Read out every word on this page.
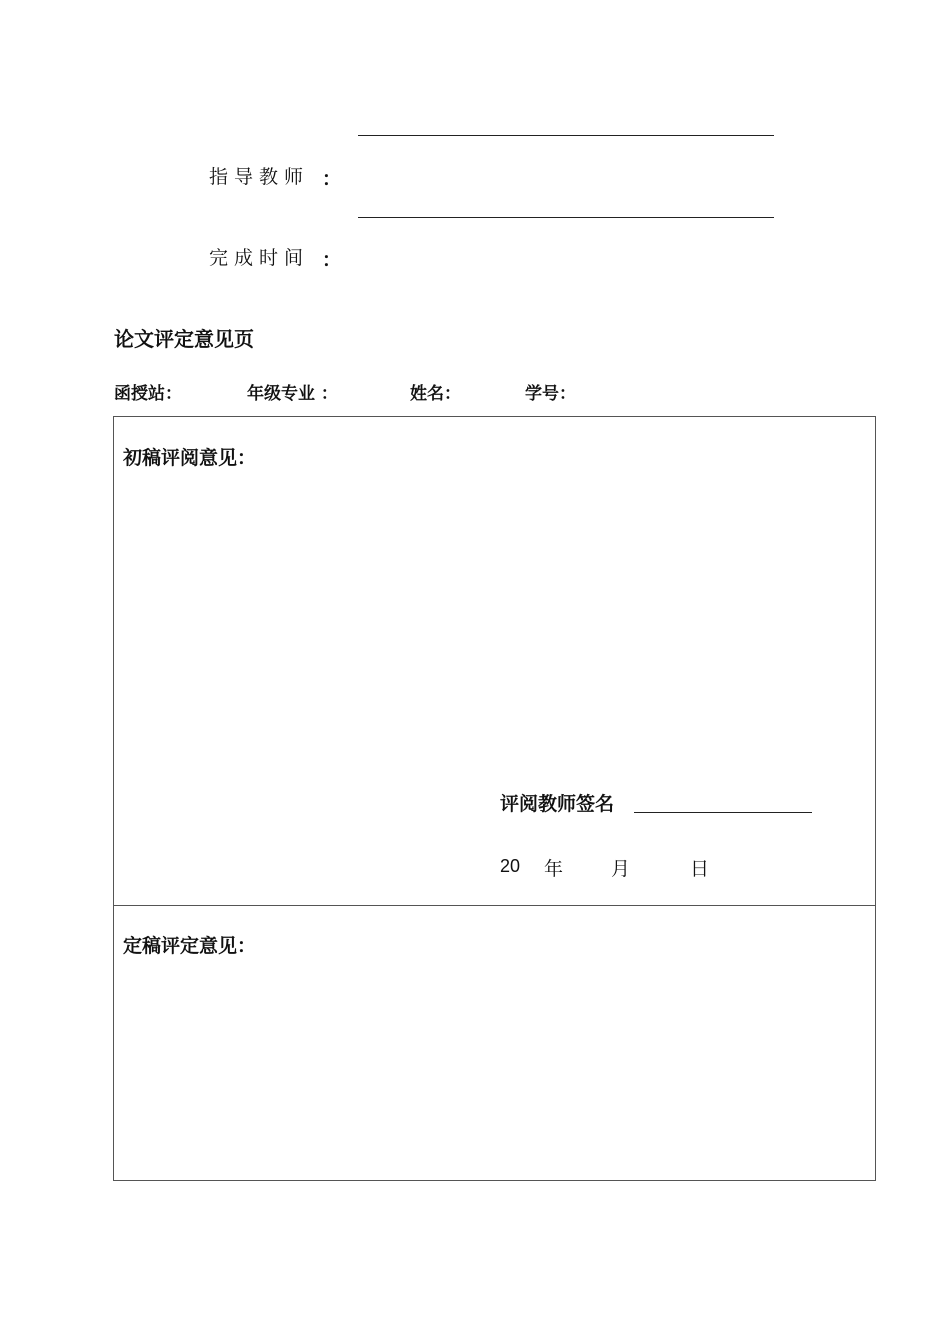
指导教师 ：
完成时间 ：
论文评定意见页
函授站：	年级专业 ：	姓名：	学号：
初稿评阅意见：
评阅教师签名
20 年	月	日
定稿评定意见：
